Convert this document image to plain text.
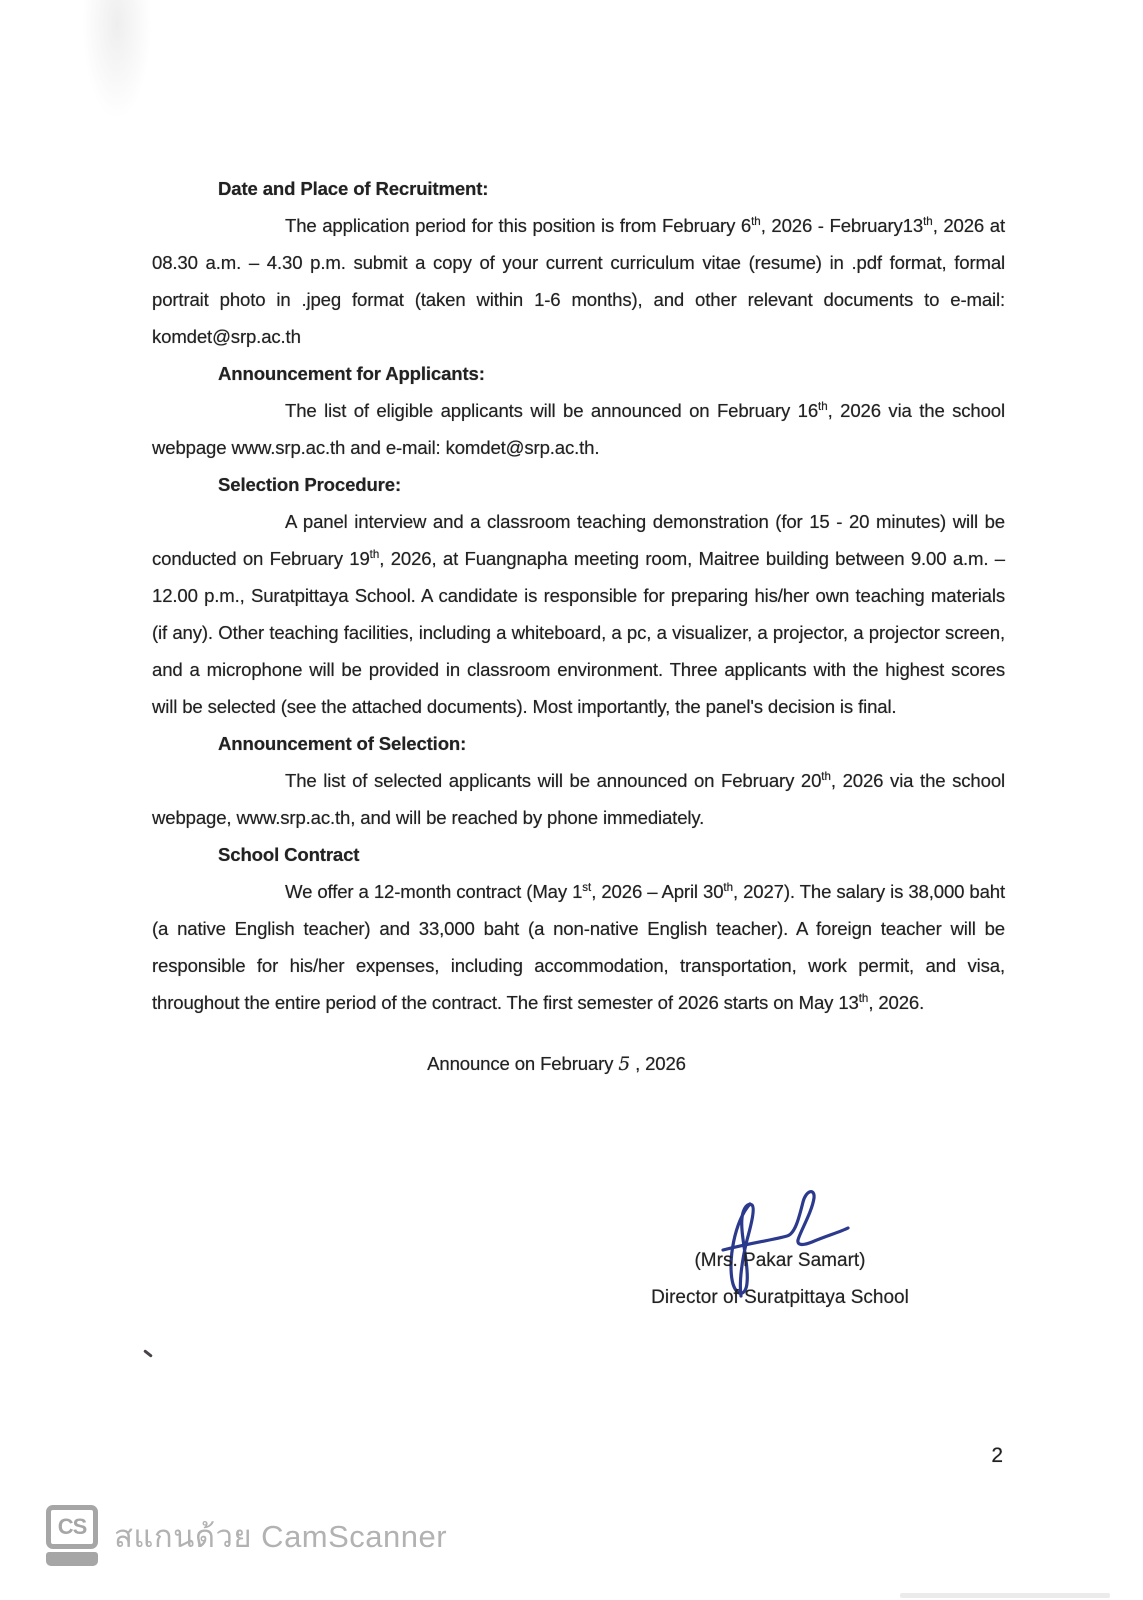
Date and Place of Recruitment:

The application period for this position is from February 6th, 2026 - February13th, 2026 at 08.30 a.m. – 4.30 p.m. submit a copy of your current curriculum vitae (resume) in .pdf format, formal portrait photo in .jpeg format (taken within 1-6 months), and other relevant documents to e-mail: komdet@srp.ac.th

Announcement for Applicants:

The list of eligible applicants will be announced on February 16th, 2026 via the school webpage www.srp.ac.th and e-mail: komdet@srp.ac.th.

Selection Procedure:

A panel interview and a classroom teaching demonstration (for 15 - 20 minutes) will be conducted on February 19th, 2026, at Fuangnapha meeting room, Maitree building between 9.00 a.m. – 12.00 p.m., Suratpittaya School. A candidate is responsible for preparing his/her own teaching materials (if any). Other teaching facilities, including a whiteboard, a pc, a visualizer, a projector, a projector screen, and a microphone will be provided in classroom environment. Three applicants with the highest scores will be selected (see the attached documents). Most importantly, the panel's decision is final.

Announcement of Selection:

The list of selected applicants will be announced on February 20th, 2026 via the school webpage, www.srp.ac.th, and will be reached by phone immediately.

School Contract

We offer a 12-month contract (May 1st, 2026 – April 30th, 2027). The salary is 38,000 baht (a native English teacher) and 33,000 baht (a non-native English teacher). A foreign teacher will be responsible for his/her expenses, including accommodation, transportation, work permit, and visa, throughout the entire period of the contract. The first semester of 2026 starts on May 13th, 2026.

Announce on February 5 , 2026
(Mrs. Pakar Samart)
Director of Suratpittaya School
2
CS สแกนด้วย CamScanner
